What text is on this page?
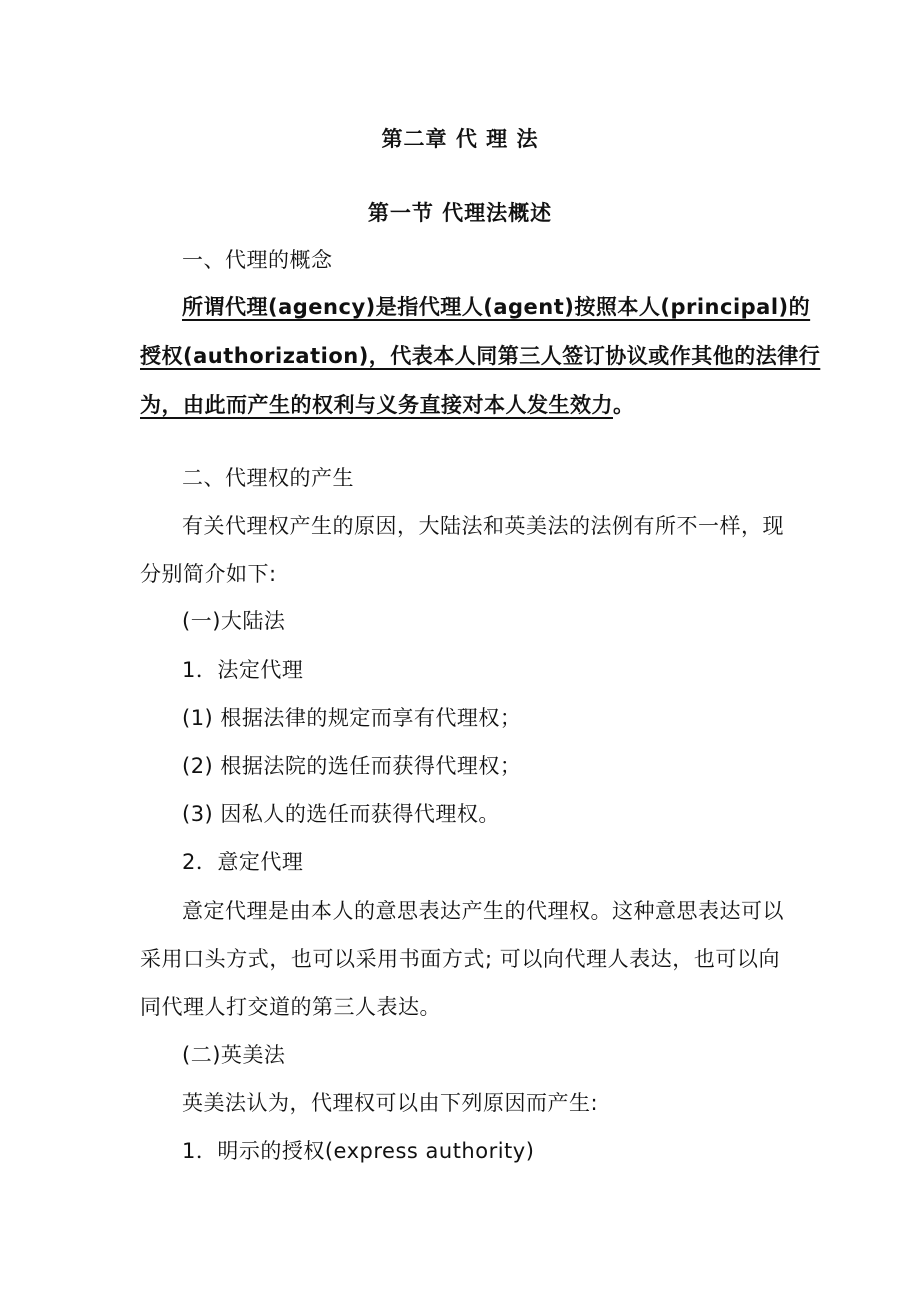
第二章 代 理 法

第一节 代理法概述

一、代理的概念

所谓代理(agency)是指代理人(agent)按照本人(principal)的

授权(authorization)，代表本人同第三人签订协议或作其他的法律行

为，由此而产生的权利与义务直接对本人发生效力。

二、代理权的产生

有关代理权产生的原因，大陆法和英美法的法例有所不一样，现

分别简介如下:

(一)大陆法

1．法定代理

(1) 根据法律的规定而享有代理权；

(2) 根据法院的选任而获得代理权；

(3) 因私人的选任而获得代理权。

2．意定代理

意定代理是由本人的意思表达产生的代理权。这种意思表达可以

采用口头方式，也可以采用书面方式; 可以向代理人表达，也可以向

同代理人打交道的第三人表达。

(二)英美法

英美法认为，代理权可以由下列原因而产生:

1．明示的授权(express authority)
